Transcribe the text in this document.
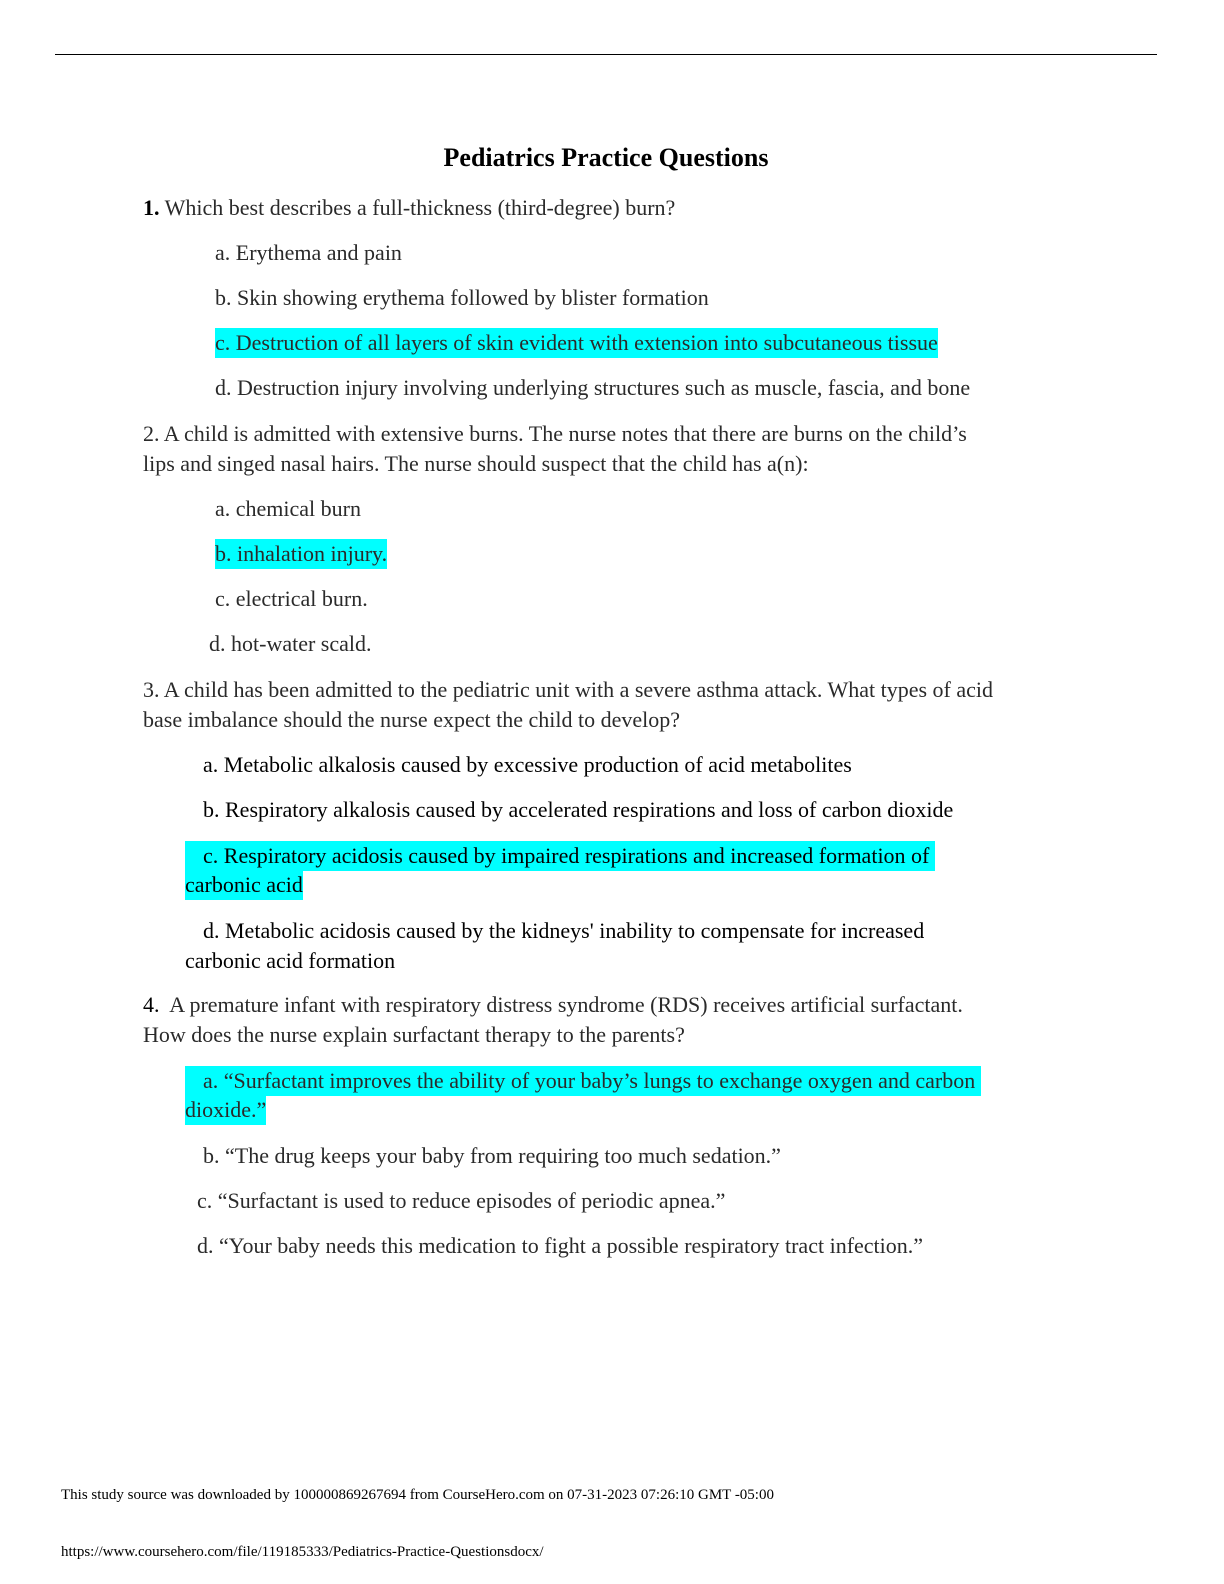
Pediatrics Practice Questions
1. Which best describes a full-thickness (third-degree) burn?
a. Erythema and pain
b. Skin showing erythema followed by blister formation
c. Destruction of all layers of skin evident with extension into subcutaneous tissue
d. Destruction injury involving underlying structures such as muscle, fascia, and bone
2. A child is admitted with extensive burns. The nurse notes that there are burns on the child’s
lips and singed nasal hairs. The nurse should suspect that the child has a(n):
a. chemical burn
b. inhalation injury.
c. electrical burn.
d. hot-water scald.
3. A child has been admitted to the pediatric unit with a severe asthma attack. What types of acid
base imbalance should the nurse expect the child to develop?
a. Metabolic alkalosis caused by excessive production of acid metabolites
b. Respiratory alkalosis caused by accelerated respirations and loss of carbon dioxide
c. Respiratory acidosis caused by impaired respirations and increased formation of
carbonic acid
d. Metabolic acidosis caused by the kidneys' inability to compensate for increased
carbonic acid formation
4. A premature infant with respiratory distress syndrome (RDS) receives artificial surfactant.
How does the nurse explain surfactant therapy to the parents?
a. “Surfactant improves the ability of your baby’s lungs to exchange oxygen and carbon
dioxide.”
b. “The drug keeps your baby from requiring too much sedation.”
c. “Surfactant is used to reduce episodes of periodic apnea.”
d. “Your baby needs this medication to fight a possible respiratory tract infection.”
This study source was downloaded by 100000869267694 from CourseHero.com on 07-31-2023 07:26:10 GMT -05:00
https://www.coursehero.com/file/119185333/Pediatrics-Practice-Questionsdocx/
